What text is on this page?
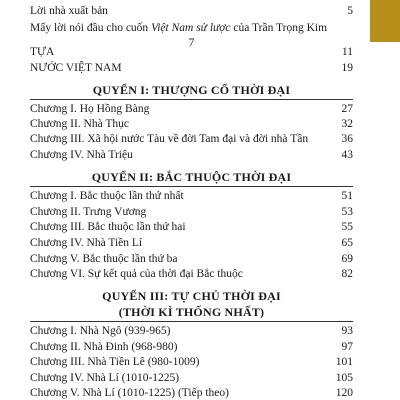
Lời nhà xuất bản	5
Mấy lời nói đầu cho cuốn Việt Nam sử lược của Trần Trọng Kim
7
TỰA	11
NƯỚC VIỆT NAM	19
QUYỂN I: THƯỢNG CỔ THỜI ĐẠI
Chương I. Họ Hồng Bàng	27
Chương II. Nhà Thục	32
Chương III. Xã hội nước Tàu về đời Tam đại và đời nhà Tần	36
Chương IV. Nhà Triệu	43
QUYỂN II: BẮC THUỘC THỜI ĐẠI
Chương I. Bắc thuộc lần thứ nhất	51
Chương II. Trưng Vương	53
Chương III. Bắc thuộc lần thứ hai	55
Chương IV. Nhà Tiền Lí	65
Chương V. Bắc thuộc lần thứ ba	69
Chương VI. Sự kết quả của thời đại Bắc thuộc	82
QUYỂN III: TỰ CHỦ THỜI ĐẠI
(THỜI KÌ THỐNG NHẤT)
Chương I. Nhà Ngô (939-965)	93
Chương II. Nhà Đinh (968-980)	97
Chương III. Nhà Tiền Lê (980-1009)	101
Chương IV. Nhà Lí (1010-1225)	105
Chương V. Nhà Lí (1010-1225) (Tiếp theo)	120
